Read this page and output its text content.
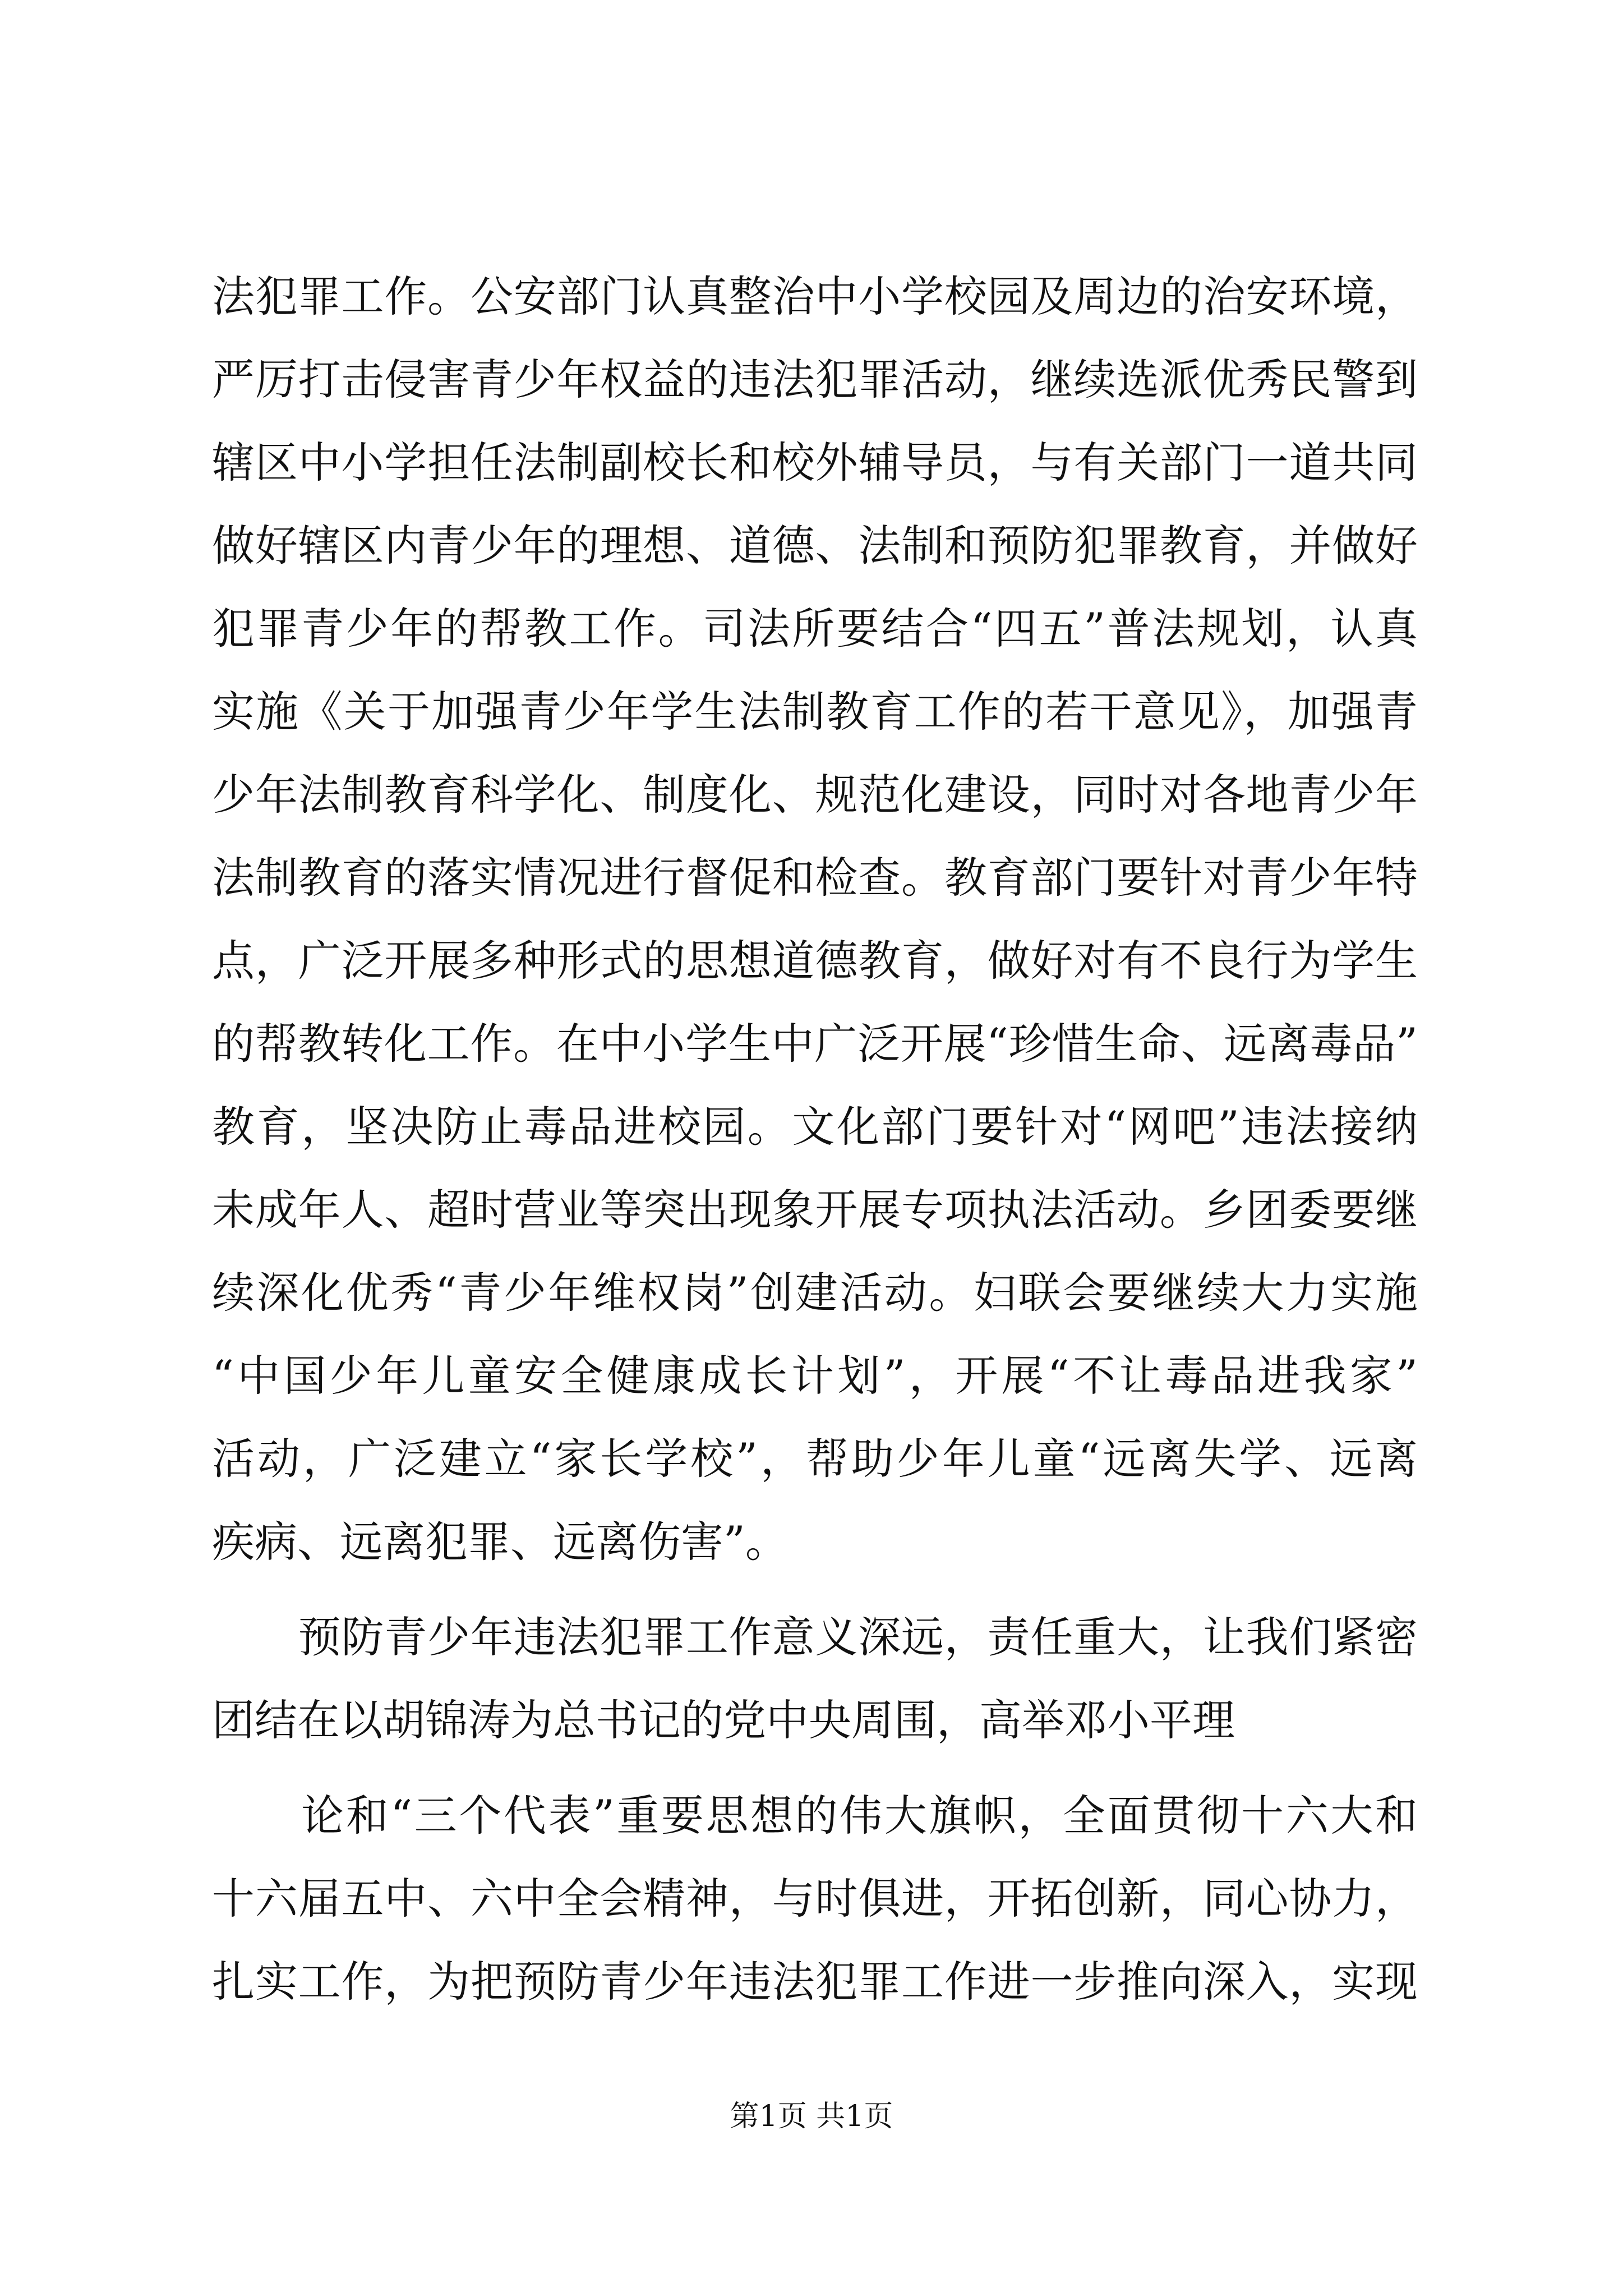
法犯罪工作。公安部门认真整治中小学校园及周边的治安环境，
严厉打击侵害青少年权益的违法犯罪活动，继续选派优秀民警到
辖区中小学担任法制副校长和校外辅导员，与有关部门一道共同
做好辖区内青少年的理想、道德、法制和预防犯罪教育，并做好
犯罪青少年的帮教工作。司法所要结合“四五”普法规划，认真
实施《关于加强青少年学生法制教育工作的若干意见》，加强青
少年法制教育科学化、制度化、规范化建设，同时对各地青少年
法制教育的落实情况进行督促和检查。教育部门要针对青少年特
点，广泛开展多种形式的思想道德教育，做好对有不良行为学生
的帮教转化工作。在中小学生中广泛开展“珍惜生命、远离毒品”
教育，坚决防止毒品进校园。文化部门要针对“网吧”违法接纳
未成年人、超时营业等突出现象开展专项执法活动。乡团委要继
续深化优秀“青少年维权岗”创建活动。妇联会要继续大力实施
“中国少年儿童安全健康成长计划”，开展“不让毒品进我家”
活动，广泛建立“家长学校”，帮助少年儿童“远离失学、远离
疾病、远离犯罪、远离伤害”。
　　预防青少年违法犯罪工作意义深远，责任重大，让我们紧密
团结在以胡锦涛为总书记的党中央周围，高举邓小平理
　　论和“三个代表”重要思想的伟大旗帜，全面贯彻十六大和
十六届五中、六中全会精神，与时俱进，开拓创新，同心协力，
扎实工作，为把预防青少年违法犯罪工作进一步推向深入，实现
第1页 共1页
